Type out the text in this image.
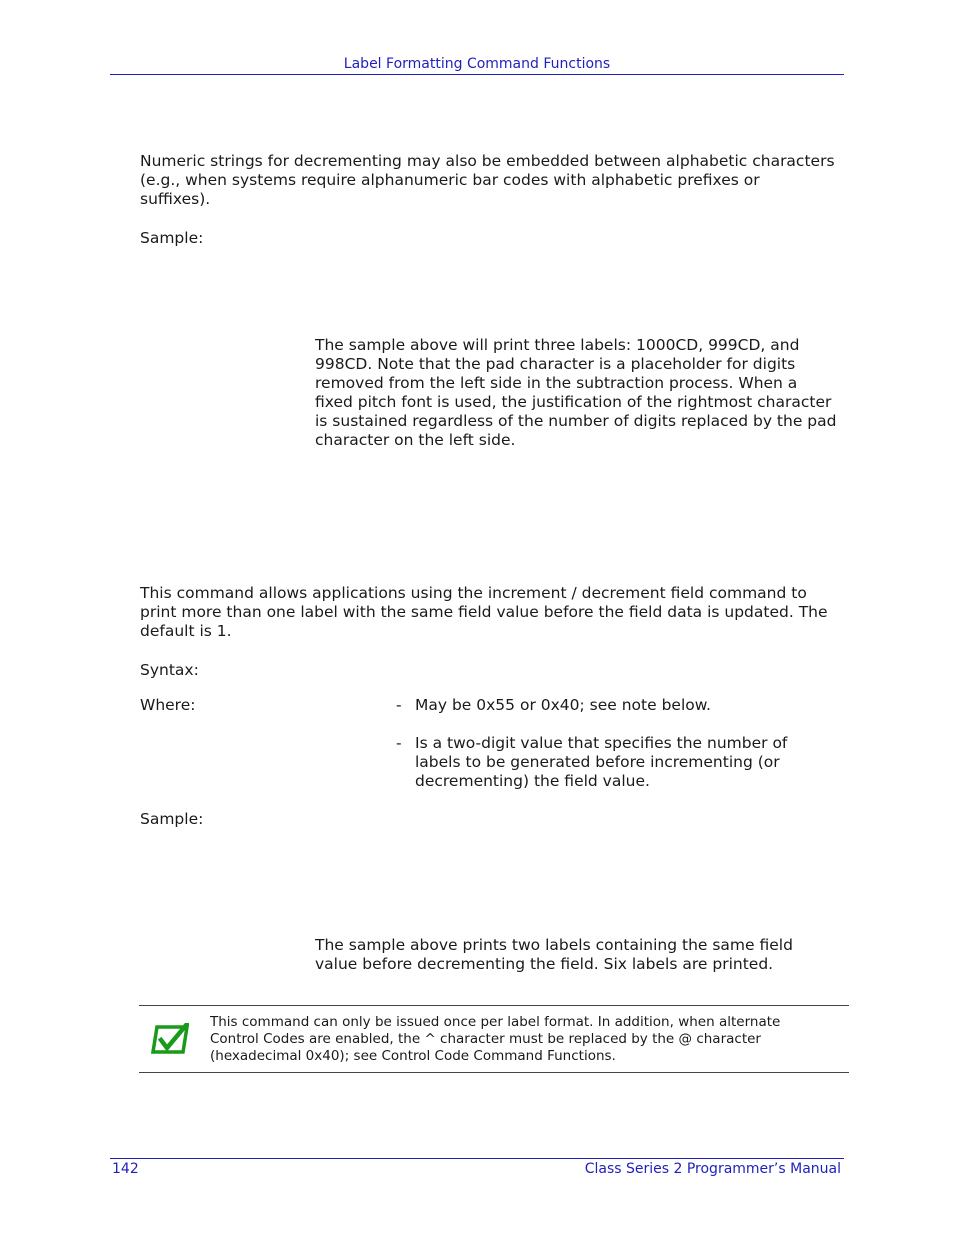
Label Formatting Command Functions
Numeric strings for decrementing may also be embedded between alphabetic characters
(e.g., when systems require alphanumeric bar codes with alphabetic prefixes or
suffixes).
Sample:
The sample above will print three labels: 1000CD, 999CD, and
998CD. Note that the pad character is a placeholder for digits
removed from the left side in the subtraction process. When a
fixed pitch font is used, the justification of the rightmost character
is sustained regardless of the number of digits replaced by the pad
character on the left side.
This command allows applications using the increment / decrement field command to
print more than one label with the same field value before the field data is updated. The
default is 1.
Syntax:
Where:	- May be 0x55 or 0x40; see note below.
- Is a two-digit value that specifies the number of
labels to be generated before incrementing (or
decrementing) the field value.
Sample:
The sample above prints two labels containing the same field
value before decrementing the field. Six labels are printed.
This command can only be issued once per label format. In addition, when alternate
Control Codes are enabled, the ^ character must be replaced by the @ character
(hexadecimal 0x40); see Control Code Command Functions.
142	Class Series 2 Programmer’s Manual
